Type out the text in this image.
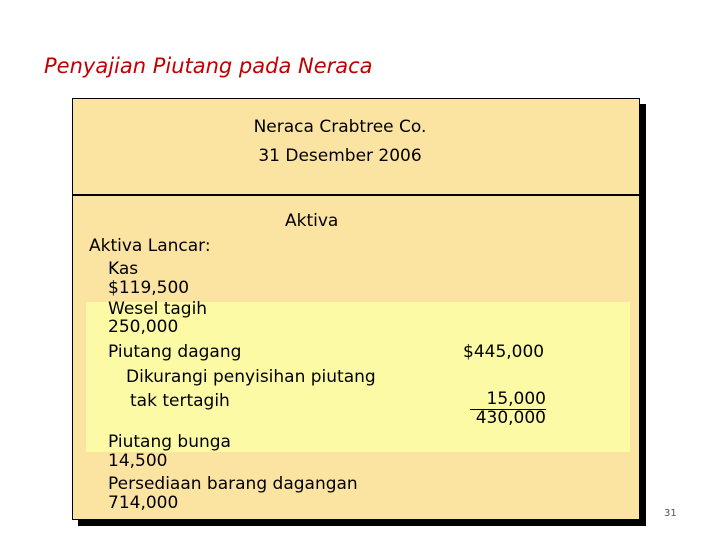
Penyajian Piutang pada Neraca
Neraca Crabtree Co.
31 Desember 2006
Aktiva
Aktiva Lancar:
Kas
$119,500
Wesel tagih
250,000
Piutang dagang	$445,000
Dikurangi penyisihan piutang
tak tertagih	15,000
430,000
Piutang bunga
14,500
Persediaan barang dagangan
714,000
31
